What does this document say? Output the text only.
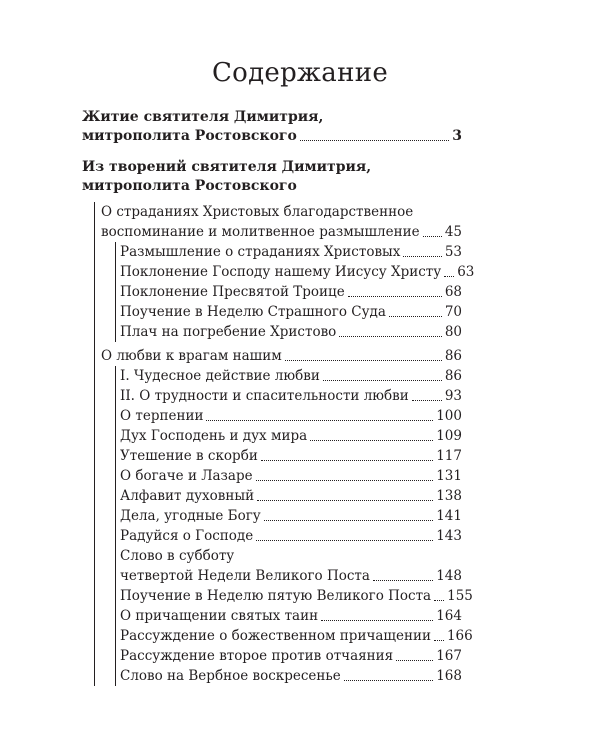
Содержание
Житие святителя Димитрия,
митрополита Ростовского	3
Из творений святителя Димитрия,
митрополита Ростовского
О страданиях Христовых благодарственное
воспоминание и молитвенное размышление 45
Размышление о страданиях Христовых	53
Поклонение Господу нашему Иисусу Христу 63
Поклонение Пресвятой Троице	68
Поучение в Неделю Страшного Суда	70
Плач на погребение Христово	80
О любви к врагам нашим	86
I. Чудесное действие любви	86
II. О трудности и спасительности любви	93
О терпении	100
Дух Господень и дух мира	109
Утешение в скорби	117
О богаче и Лазаре	131
Алфавит духовный	138
Дела, угодные Богу	141
Радуйся о Господе	143
Слово в субботу
четвертой Недели Великого Поста	148
Поучение в Неделю пятую Великого Поста 155
О причащении святых таин	164
Рассуждение о божественном причащении 166
Рассуждение второе против отчаяния	167
Слово на Вербное воскресенье	168
